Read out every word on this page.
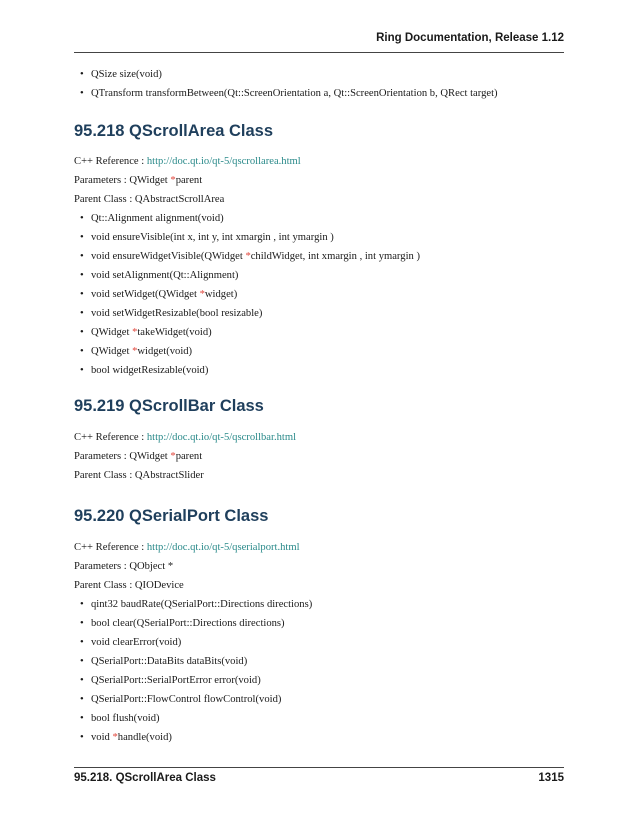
Ring Documentation, Release 1.12
• QSize size(void)
• QTransform transformBetween(Qt::ScreenOrientation a, Qt::ScreenOrientation b, QRect target)
95.218 QScrollArea Class

C++ Reference : http://doc.qt.io/qt-5/qscrollarea.html

Parameters : QWidget *parent

Parent Class : QAbstractScrollArea

• Qt::Alignment alignment(void)
• void ensureVisible(int x, int y, int xmargin , int ymargin )
• void ensureWidgetVisible(QWidget *childWidget, int xmargin , int ymargin )
• void setAlignment(Qt::Alignment)
• void setWidget(QWidget *widget)
• void setWidgetResizable(bool resizable)
• QWidget *takeWidget(void)
• QWidget *widget(void)
• bool widgetResizable(void)
95.219 QScrollBar Class

C++ Reference : http://doc.qt.io/qt-5/qscrollbar.html

Parameters : QWidget *parent

Parent Class : QAbstractSlider

95.220 QSerialPort Class

C++ Reference : http://doc.qt.io/qt-5/qserialport.html

Parameters : QObject *

Parent Class : QIODevice

• qint32 baudRate(QSerialPort::Directions directions)
• bool clear(QSerialPort::Directions directions)
• void clearError(void)
• QSerialPort::DataBits dataBits(void)
• QSerialPort::SerialPortError error(void)
• QSerialPort::FlowControl flowControl(void)
• bool flush(void)
• void *handle(void)
95.218. QScrollArea Class	1315
